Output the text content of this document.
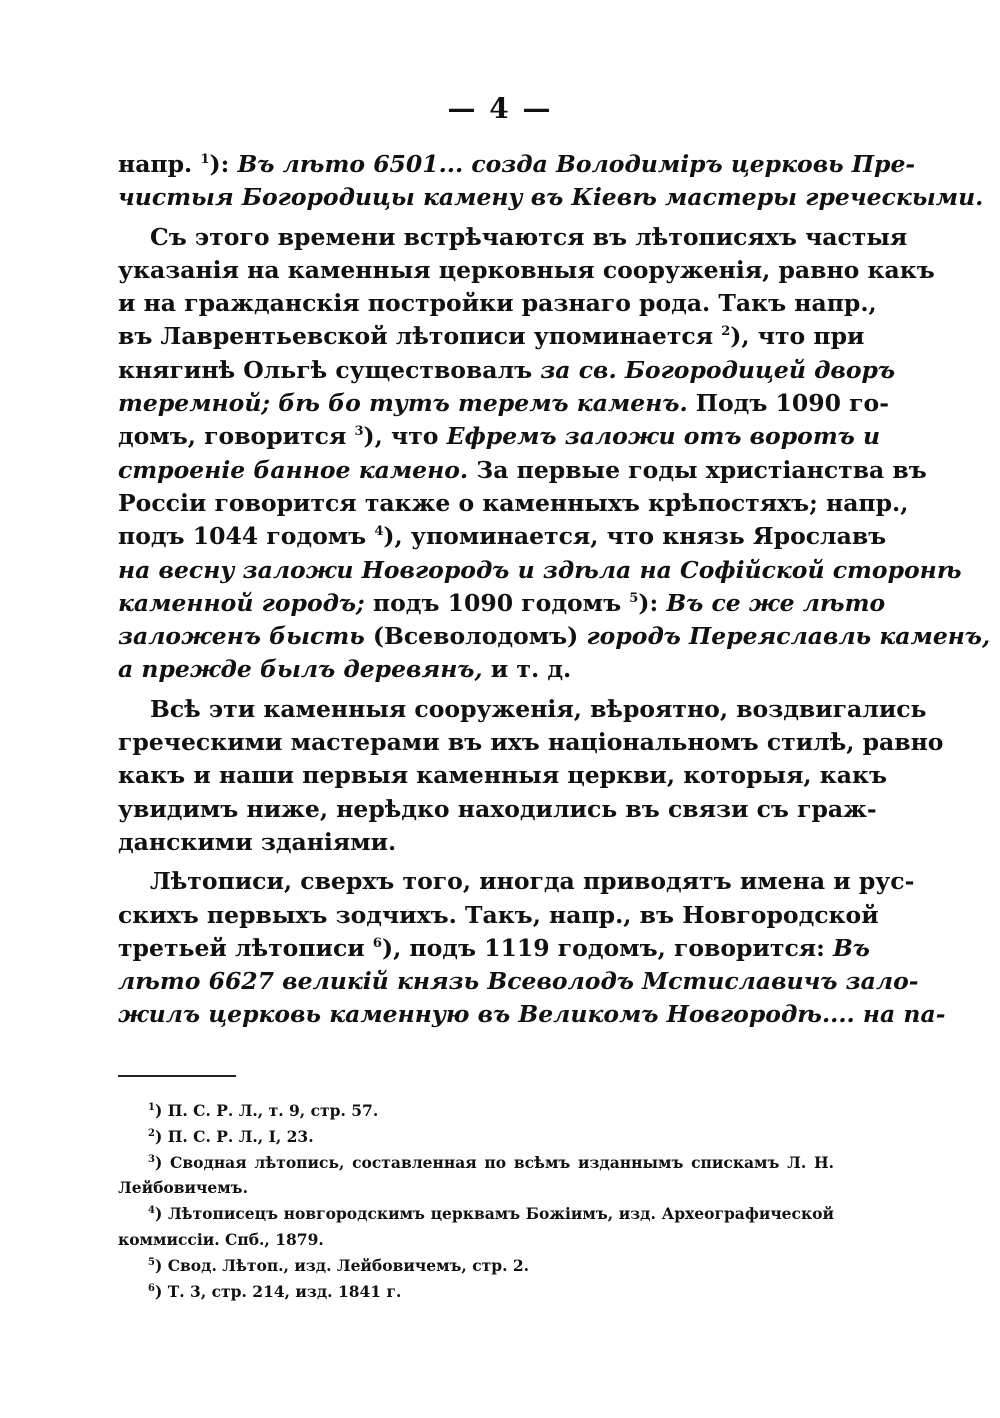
— 4 —
напр. $^1$): Въ лѣто 6501... созда Володиміръ церковь Пре-
чистыя Богородицы камену въ Кіевѣ мастеры греческыми.
Съ этого времени встрѣчаются въ лѣтописяхъ частыя
указанія на каменныя церковныя сооруженія, равно какъ
и на гражданскія постройки разнаго рода. Такъ напр.,
въ Лаврентьевской лѣтописи упоминается $^2$), что при
княгинѣ Ольгѣ существовалъ за св. Богородицей дворъ
теремной; бѣ бо тутъ теремъ каменъ. Подъ 1090 го-
домъ, говорится $^3$), что Ефремъ заложи отъ воротъ и
строеніе банное камено. За первые годы христіанства въ
Россіи говорится также о каменныхъ крѣпостяхъ; напр.,
подъ 1044 годомъ $^4$), упоминается, что князь Ярославъ
на весну заложи Новгородъ и здѣла на Софійской сторонѣ
каменной городъ; подъ 1090 годомъ $^5$): Въ се же лѣто
заложенъ бысть (Всеволодомъ) городъ Переяславль каменъ,
а прежде былъ деревянъ, и т. д.
Всѣ эти каменныя сооруженія, вѣроятно, воздвигались
греческими мастерами въ ихъ національномъ стилѣ, равно
какъ и наши первыя каменныя церкви, которыя, какъ
увидимъ ниже, нерѣдко находились въ связи съ граж-
данскими зданіями.
Лѣтописи, сверхъ того, иногда приводятъ имена и рус-
скихъ первыхъ зодчихъ. Такъ, напр., въ Новгородской
третьей лѣтописи $^6$), подъ 1119 годомъ, говорится: Въ
лѣто 6627 великій князь Всеволодъ Мстиславичъ зало-
жилъ церковь каменную въ Великомъ Новгородѣ.... на па-
$^1$) П. С. Р. Л., т. 9, стр. 57.
$^2$) П. С. Р. Л., I, 23.
$^3$) Сводная лѣтопись, составленная по всѣмъ изданнымъ спискамъ Л. Н.
Лейбовичемъ.
$^4$) Лѣтописецъ новгородскимъ церквамъ Божіимъ, изд. Археографической
коммиссіи. Спб., 1879.
$^5$) Свод. Лѣтоп., изд. Лейбовичемъ, стр. 2.
$^6$) Т. 3, стр. 214, изд. 1841 г.
